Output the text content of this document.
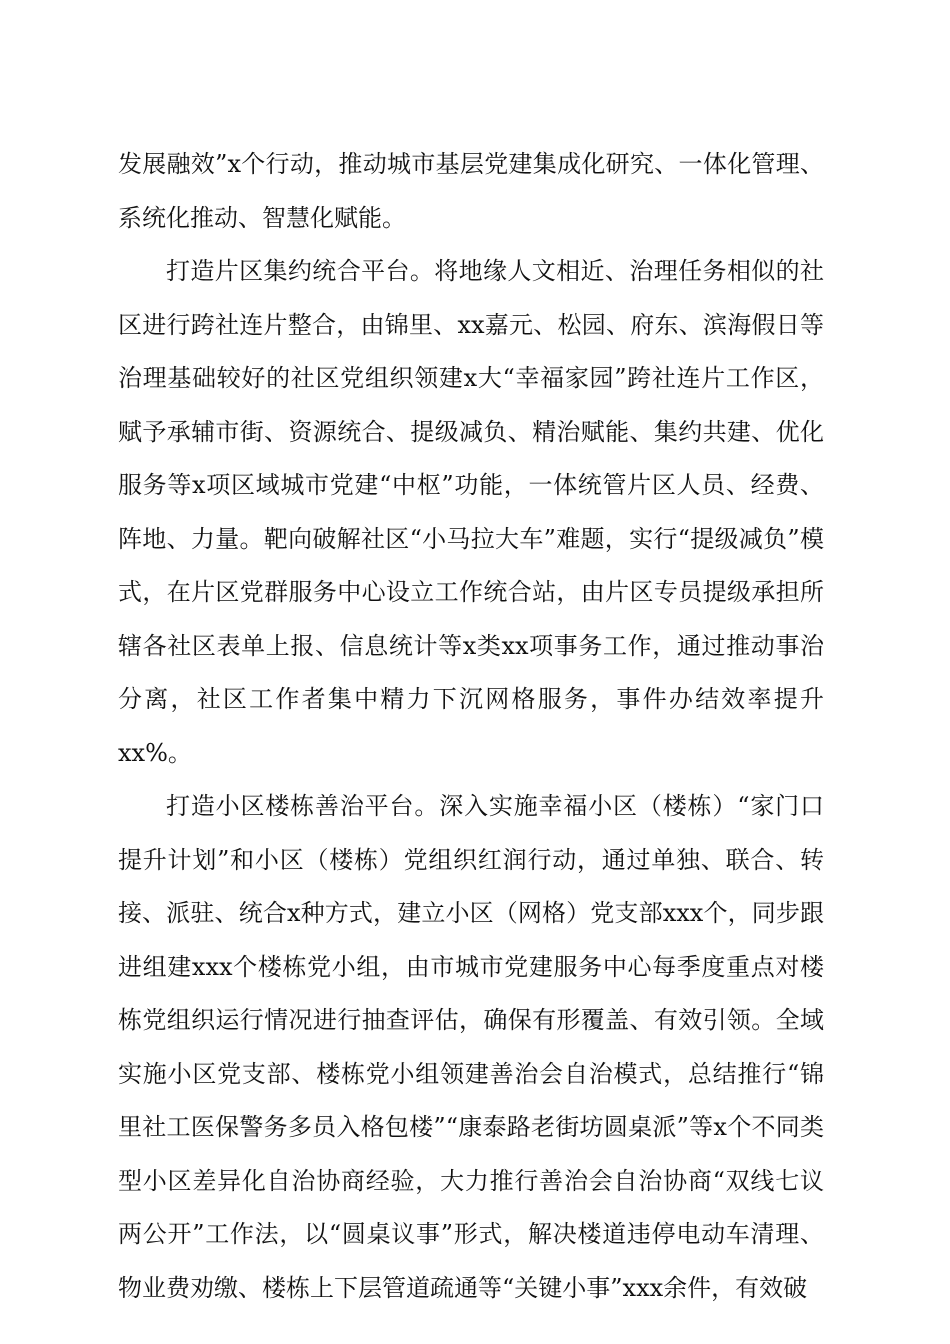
发展融效”x个行动，推动城市基层党建集成化研究、一体化管理、系统化推动、智慧化赋能。

打造片区集约统合平台。将地缘人文相近、治理任务相似的社区进行跨社连片整合，由锦里、xx嘉元、松园、府东、滨海假日等治理基础较好的社区党组织领建x大“幸福家园”跨社连片工作区，赋予承辅市街、资源统合、提级减负、精治赋能、集约共建、优化服务等x项区域城市党建“中枢”功能，一体统管片区人员、经费、阵地、力量。靶向破解社区“小马拉大车”难题，实行“提级减负”模式，在片区党群服务中心设立工作统合站，由片区专员提级承担所辖各社区表单上报、信息统计等x类xx项事务工作，通过推动事治分离，社区工作者集中精力下沉网格服务，事件办结效率提升xx%。

打造小区楼栋善治平台。深入实施幸福小区（楼栋）“家门口提升计划”和小区（楼栋）党组织红润行动，通过单独、联合、转接、派驻、统合x种方式，建立小区（网格）党支部xxx个，同步跟进组建xxx个楼栋党小组，由市城市党建服务中心每季度重点对楼栋党组织运行情况进行抽查评估，确保有形覆盖、有效引领。全域实施小区党支部、楼栋党小组领建善治会自治模式，总结推行“锦里社工医保警务多员入格包楼”“康泰路老街坊圆桌派”等x个不同类型小区差异化自治协商经验，大力推行善治会自治协商“双线七议两公开”工作法，以“圆桌议事”形式，解决楼道违停电动车清理、物业费劝缴、楼栋上下层管道疏通等“关键小事”xxx余件，有效破
